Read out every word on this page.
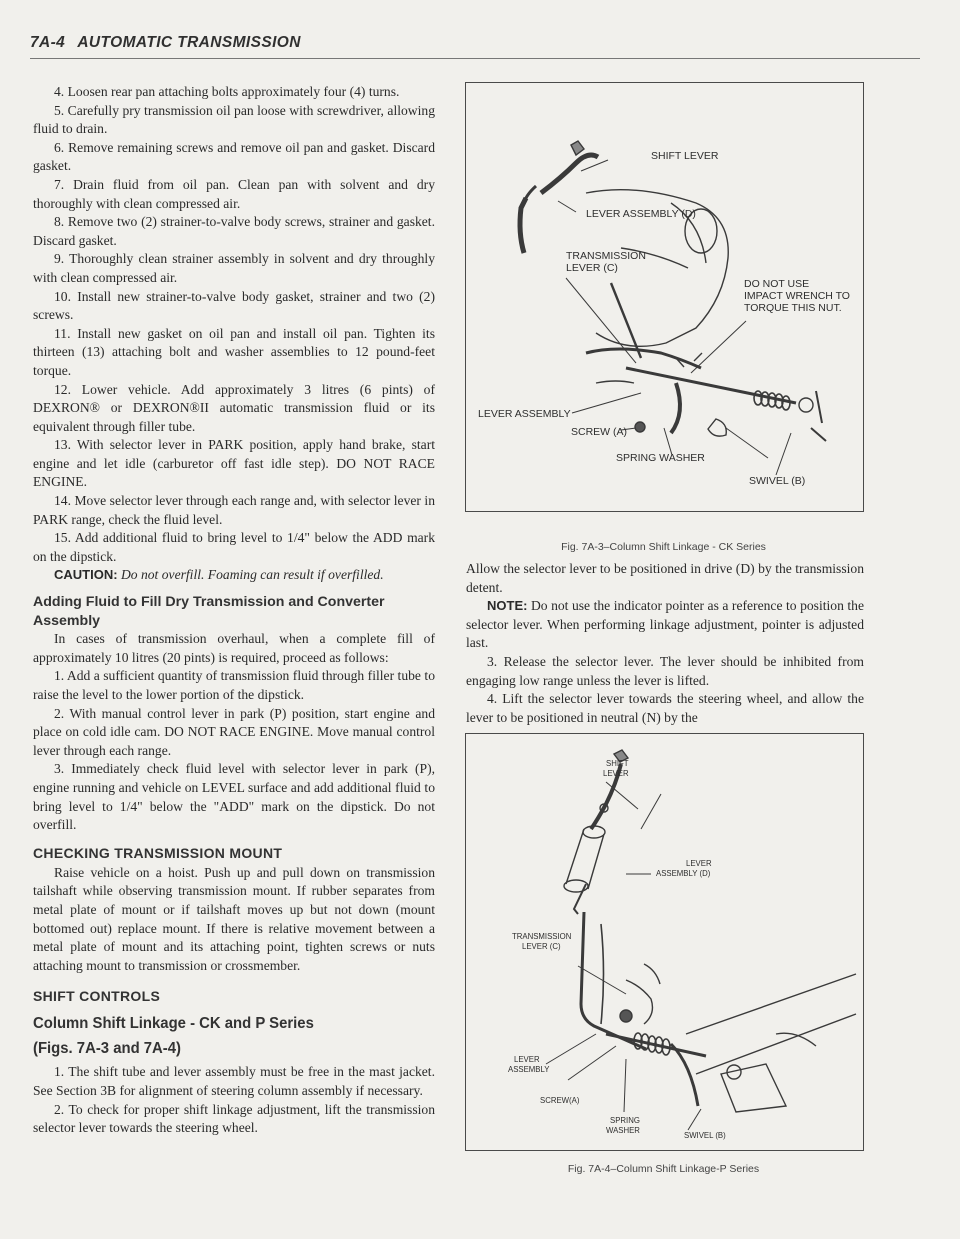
7A-4 AUTOMATIC TRANSMISSION

4. Loosen rear pan attaching bolts approximately four (4) turns.

5. Carefully pry transmission oil pan loose with screwdriver, allowing fluid to drain.

6. Remove remaining screws and remove oil pan and gasket. Discard gasket.

7. Drain fluid from oil pan. Clean pan with solvent and dry thoroughly with clean compressed air.

8. Remove two (2) strainer-to-valve body screws, strainer and gasket. Discard gasket.

9. Thoroughly clean strainer assembly in solvent and dry throughly with clean compressed air.

10. Install new strainer-to-valve body gasket, strainer and two (2) screws.

11. Install new gasket on oil pan and install oil pan. Tighten its thirteen (13) attaching bolt and washer assemblies to 12 pound-feet torque.

12. Lower vehicle. Add approximately 3 litres (6 pints) of DEXRON® or DEXRON®II automatic transmission fluid or its equivalent through filler tube.

13. With selector lever in PARK position, apply hand brake, start engine and let idle (carburetor off fast idle step). DO NOT RACE ENGINE.

14. Move selector lever through each range and, with selector lever in PARK range, check the fluid level.

15. Add additional fluid to bring level to 1/4" below the ADD mark on the dipstick.

CAUTION: Do not overfill. Foaming can result if overfilled.
Adding Fluid to Fill Dry Transmission and Converter Assembly

In cases of transmission overhaul, when a complete fill of approximately 10 litres (20 pints) is required, proceed as follows:

1. Add a sufficient quantity of transmission fluid through filler tube to raise the level to the lower portion of the dipstick.

2. With manual control lever in park (P) position, start engine and place on cold idle cam. DO NOT RACE ENGINE. Move manual control lever through each range.

3. Immediately check fluid level with selector lever in park (P), engine running and vehicle on LEVEL surface and add additional fluid to bring level to 1/4" below the "ADD" mark on the dipstick. Do not overfill.

CHECKING TRANSMISSION MOUNT

Raise vehicle on a hoist. Push up and pull down on transmission tailshaft while observing transmission mount. If rubber separates from metal plate of mount or if tailshaft moves up but not down (mount bottomed out) replace mount. If there is relative movement between a metal plate of mount and its attaching point, tighten screws or nuts attaching mount to transmission or crossmember.

SHIFT CONTROLS
Column Shift Linkage - CK and P Series
(Figs. 7A-3 and 7A-4)

1. The shift tube and lever assembly must be free in the mast jacket. See Section 3B for alignment of steering column assembly if necessary.

2. To check for proper shift linkage adjustment, lift the transmission selector lever towards the steering wheel.

SHIFT LEVER
LEVER ASSEMBLY (D)
TRANSMISSION
LEVER (C)
DO NOT USE
IMPACT WRENCH TO
TORQUE THIS NUT.
LEVER ASSEMBLY
SCREW (A)
SPRING WASHER
SWIVEL (B)
Fig. 7A-3–Column Shift Linkage - CK Series

Allow the selector lever to be positioned in drive (D) by the transmission detent.

NOTE: Do not use the indicator pointer as a reference to position the selector lever. When performing linkage adjustment, pointer is adjusted last.

3. Release the selector lever. The lever should be inhibited from engaging low range unless the lever is lifted.

4. Lift the selector lever towards the steering wheel, and allow the lever to be positioned in neutral (N) by the

SHIFT
LEVER
LEVER
ASSEMBLY (D)
TRANSMISSION
LEVER (C)
LEVER
ASSEMBLY
SCREW(A)
SPRING
WASHER
SWIVEL (B)
Fig. 7A-4–Column Shift Linkage-P Series
